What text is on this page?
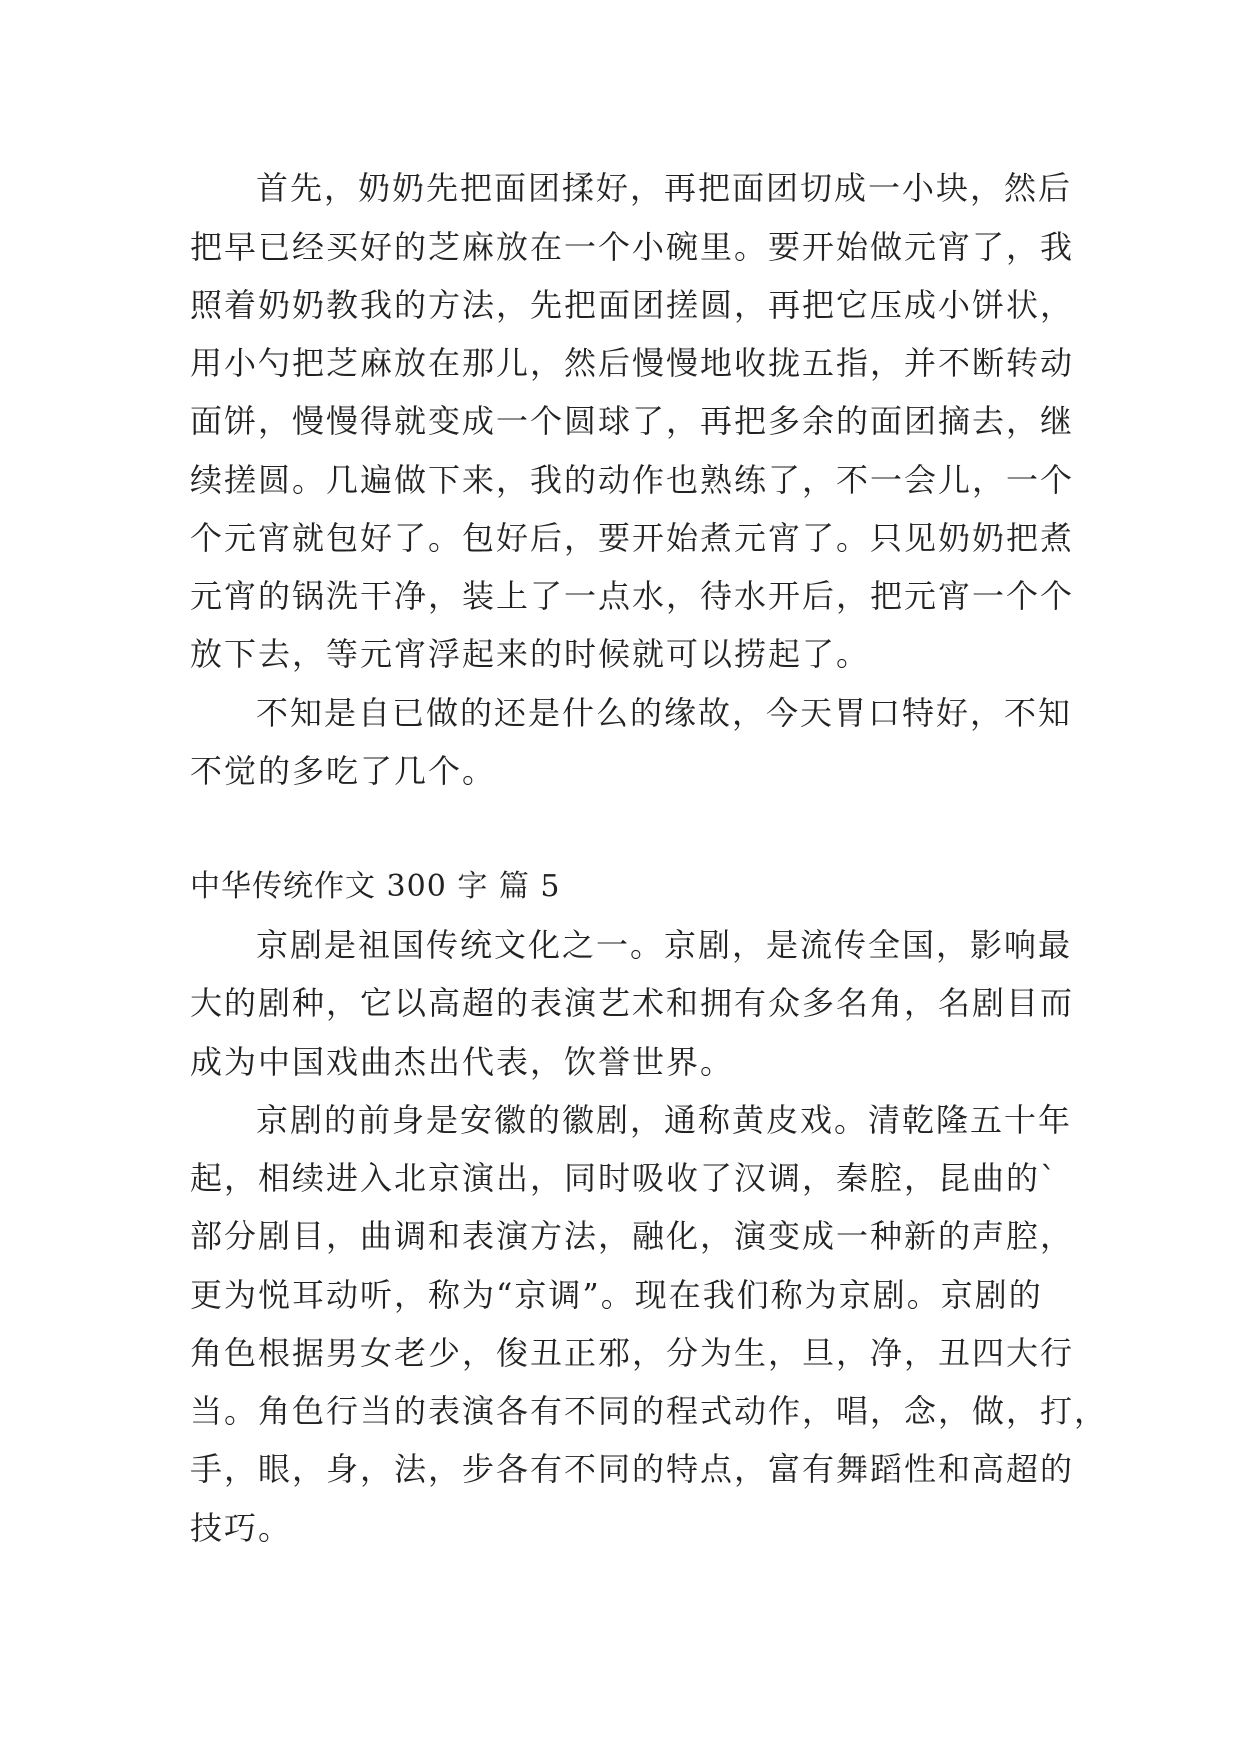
首先，奶奶先把面团揉好，再把面团切成一小块，然后
把早已经买好的芝麻放在一个小碗里。要开始做元宵了，我
照着奶奶教我的方法，先把面团搓圆，再把它压成小饼状，
用小勺把芝麻放在那儿，然后慢慢地收拢五指，并不断转动
面饼，慢慢得就变成一个圆球了，再把多余的面团摘去，继
续搓圆。几遍做下来，我的动作也熟练了，不一会儿，一个
个元宵就包好了。包好后，要开始煮元宵了。只见奶奶把煮
元宵的锅洗干净，装上了一点水，待水开后，把元宵一个个
放下去，等元宵浮起来的时候就可以捞起了。
不知是自已做的还是什么的缘故，今天胃口特好，不知
不觉的多吃了几个。
中华传统作文 300 字 篇 5
京剧是祖国传统文化之一。京剧，是流传全国，影响最
大的剧种，它以高超的表演艺术和拥有众多名角，名剧目而
成为中国戏曲杰出代表，饮誉世界。
京剧的前身是安徽的徽剧，通称黄皮戏。清乾隆五十年
起，相续进入北京演出，同时吸收了汉调，秦腔，昆曲的`
部分剧目，曲调和表演方法，融化，演变成一种新的声腔，
更为悦耳动听，称为“京调”。现在我们称为京剧。京剧的
角色根据男女老少，俊丑正邪，分为生，旦，净，丑四大行
当。角色行当的表演各有不同的程式动作，唱，念，做，打，
手，眼，身，法，步各有不同的特点，富有舞蹈性和高超的
技巧。
